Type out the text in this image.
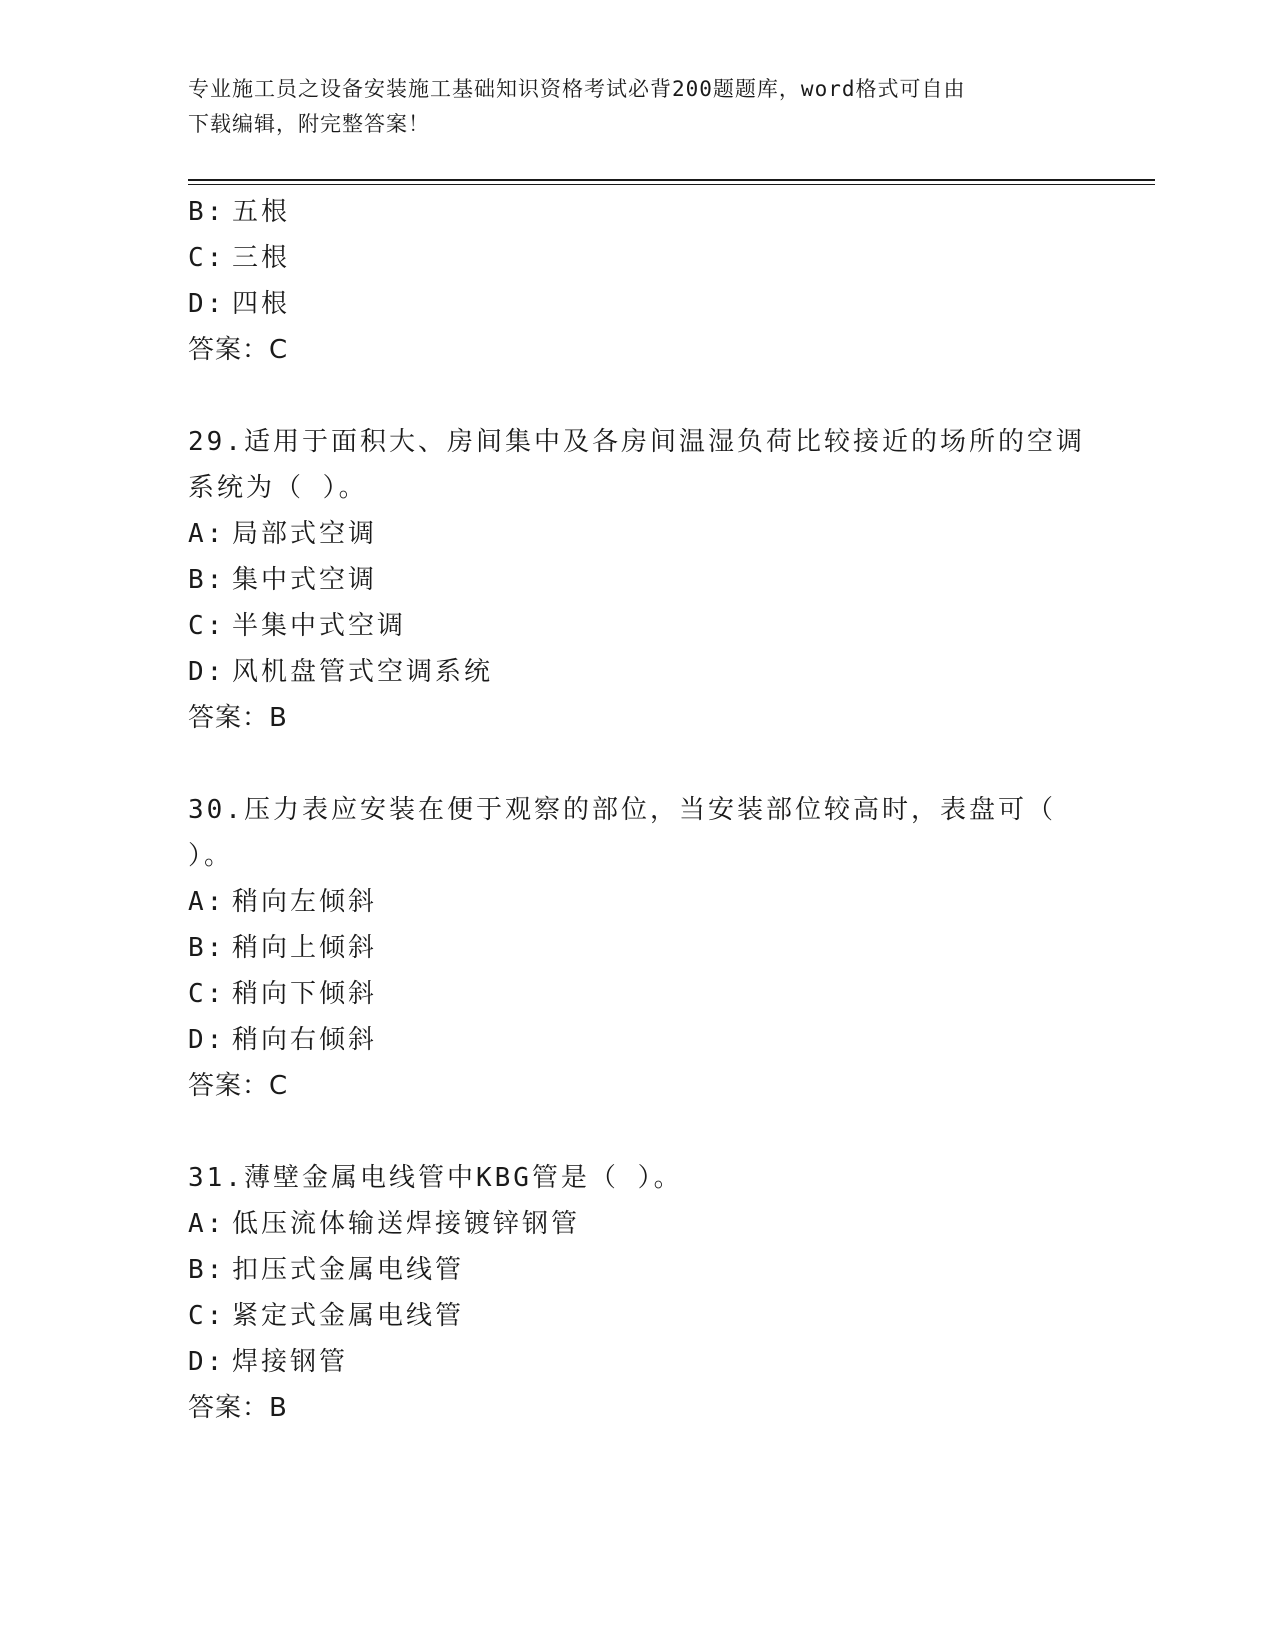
专业施工员之设备安装施工基础知识资格考试必背200题题库，word格式可自由
下载编辑，附完整答案！
B: 五根
C: 三根
D: 四根
答案：C
29.适用于面积大、房间集中及各房间温湿负荷比较接近的场所的空调
系统为（ ）。
A: 局部式空调
B: 集中式空调
C: 半集中式空调
D: 风机盘管式空调系统
答案：B
30.压力表应安装在便于观察的部位，当安装部位较高时，表盘可（
）。
A: 稍向左倾斜
B: 稍向上倾斜
C: 稍向下倾斜
D: 稍向右倾斜
答案：C
31.薄壁金属电线管中KBG管是（ ）。
A: 低压流体输送焊接镀锌钢管
B: 扣压式金属电线管
C: 紧定式金属电线管
D: 焊接钢管
答案：B
